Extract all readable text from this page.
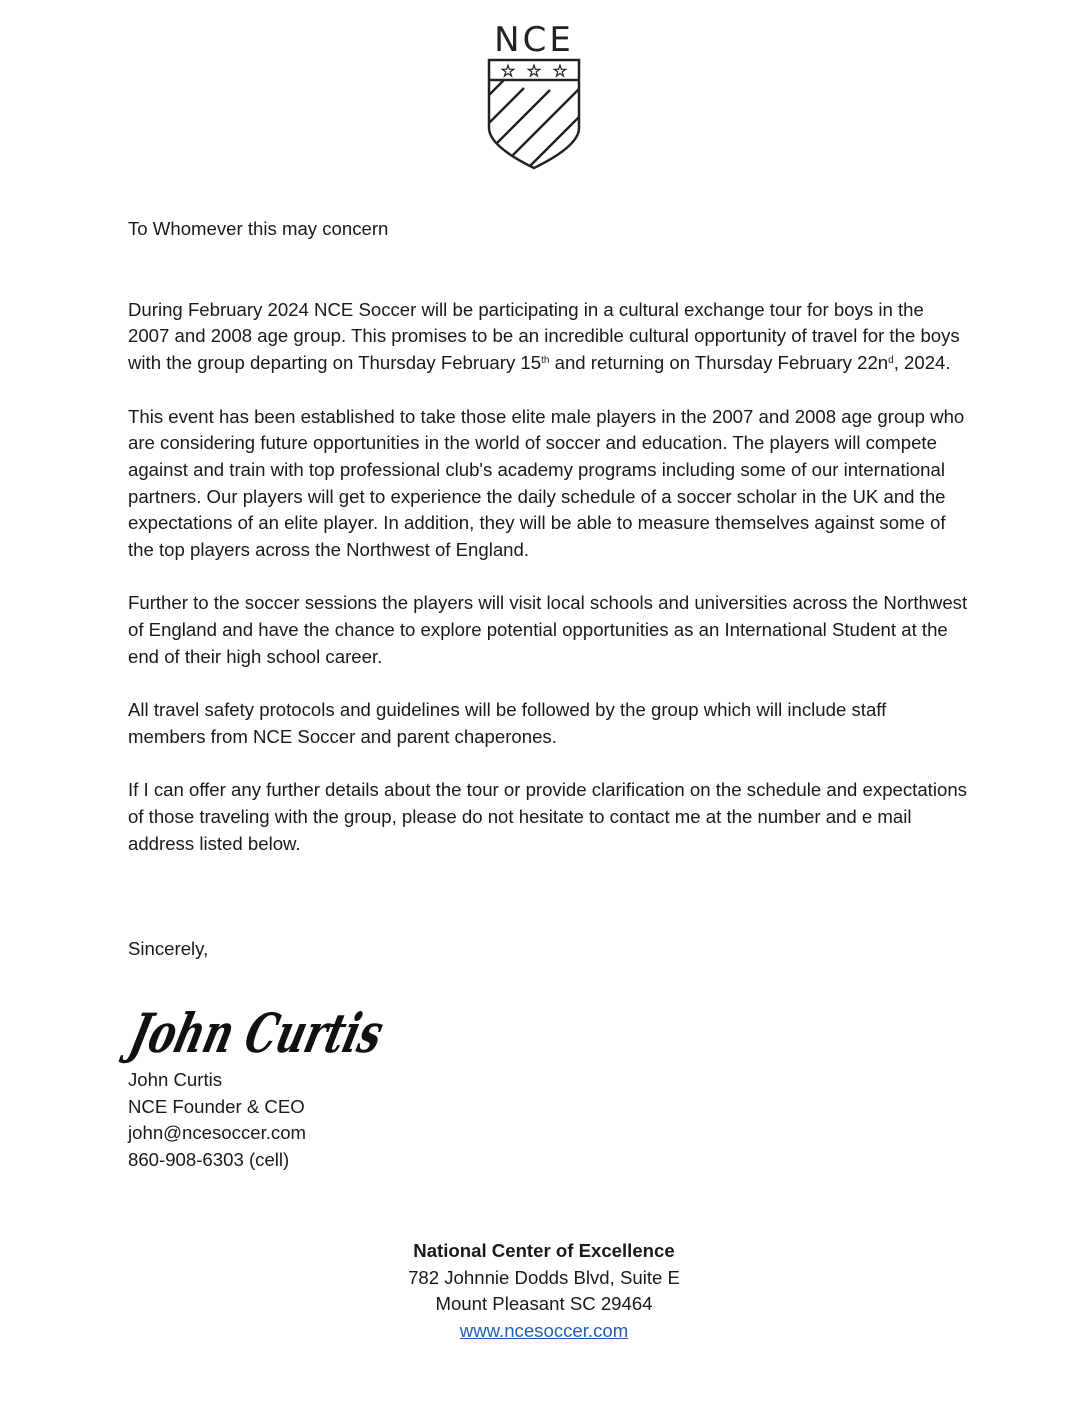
NCE
★ ★ ★

To Whomever this may concern

During February 2024 NCE Soccer will be participating in a cultural exchange tour for boys in the 2007 and 2008 age group. This promises to be an incredible cultural opportunity of travel for the boys with the group departing on Thursday February 15th and returning on Thursday February $22n^d$, 2024.

This event has been established to take those elite male players in the 2007 and 2008 age group who are considering future opportunities in the world of soccer and education. The players will compete against and train with top professional club's academy programs including some of our international partners. Our players will get to experience the daily schedule of a soccer scholar in the UK and the expectations of an elite player. In addition, they will be able to measure themselves against some of the top players across the Northwest of England.

Further to the soccer sessions the players will visit local schools and universities across the Northwest of England and have the chance to explore potential opportunities as an International Student at the end of their high school career.

All travel safety protocols and guidelines will be followed by the group which will include staff members from NCE Soccer and parent chaperones.

If I can offer any further details about the tour or provide clarification on the schedule and expectations of those traveling with the group, please do not hesitate to contact me at the number and e mail address listed below.

Sincerely,
John Curtis
John Curtis
NCE Founder & CEO
john@ncesoccer.com
860-908-6303 (cell)
National Center of Excellence
782 Johnnie Dodds Blvd, Suite E
Mount Pleasant SC 29464
www.ncesoccer.com
